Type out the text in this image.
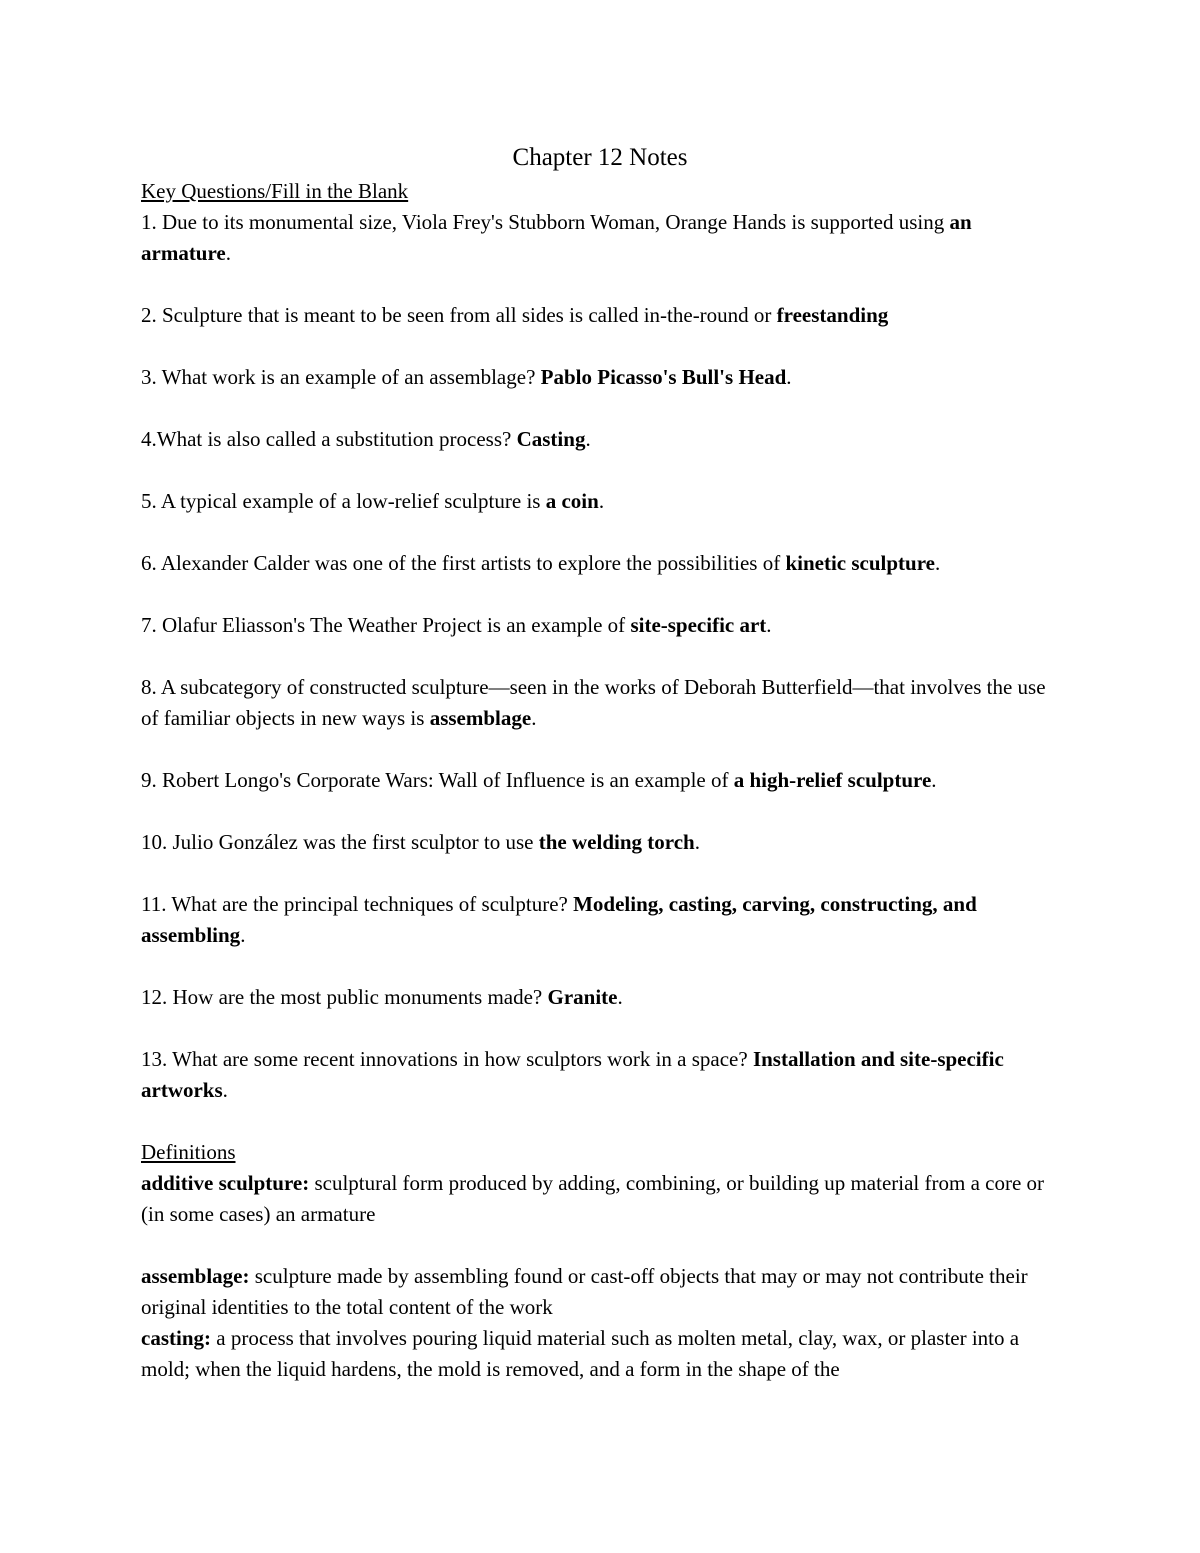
Chapter 12 Notes
Key Questions/Fill in the Blank
1. Due to its monumental size, Viola Frey's Stubborn Woman, Orange Hands is supported using an armature.
2. Sculpture that is meant to be seen from all sides is called in-the-round or freestanding
3. What work is an example of an assemblage? Pablo Picasso's Bull's Head.
4.What is also called a substitution process? Casting.
5. A typical example of a low-relief sculpture is a coin.
6. Alexander Calder was one of the first artists to explore the possibilities of kinetic sculpture.
7. Olafur Eliasson's The Weather Project is an example of site-specific art.
8. A subcategory of constructed sculpture—seen in the works of Deborah Butterfield—that involves the use of familiar objects in new ways is assemblage.
9. Robert Longo's Corporate Wars: Wall of Influence is an example of a high-relief sculpture.
10. Julio González was the first sculptor to use the welding torch.
11. What are the principal techniques of sculpture? Modeling, casting, carving, constructing, and assembling.
12. How are the most public monuments made? Granite.
13. What are some recent innovations in how sculptors work in a space? Installation and site-specific artworks.
Definitions
additive sculpture: sculptural form produced by adding, combining, or building up material from a core or (in some cases) an armature
assemblage: sculpture made by assembling found or cast-off objects that may or may not contribute their original identities to the total content of the work
casting: a process that involves pouring liquid material such as molten metal, clay, wax, or plaster into a mold; when the liquid hardens, the mold is removed, and a form in the shape of the
